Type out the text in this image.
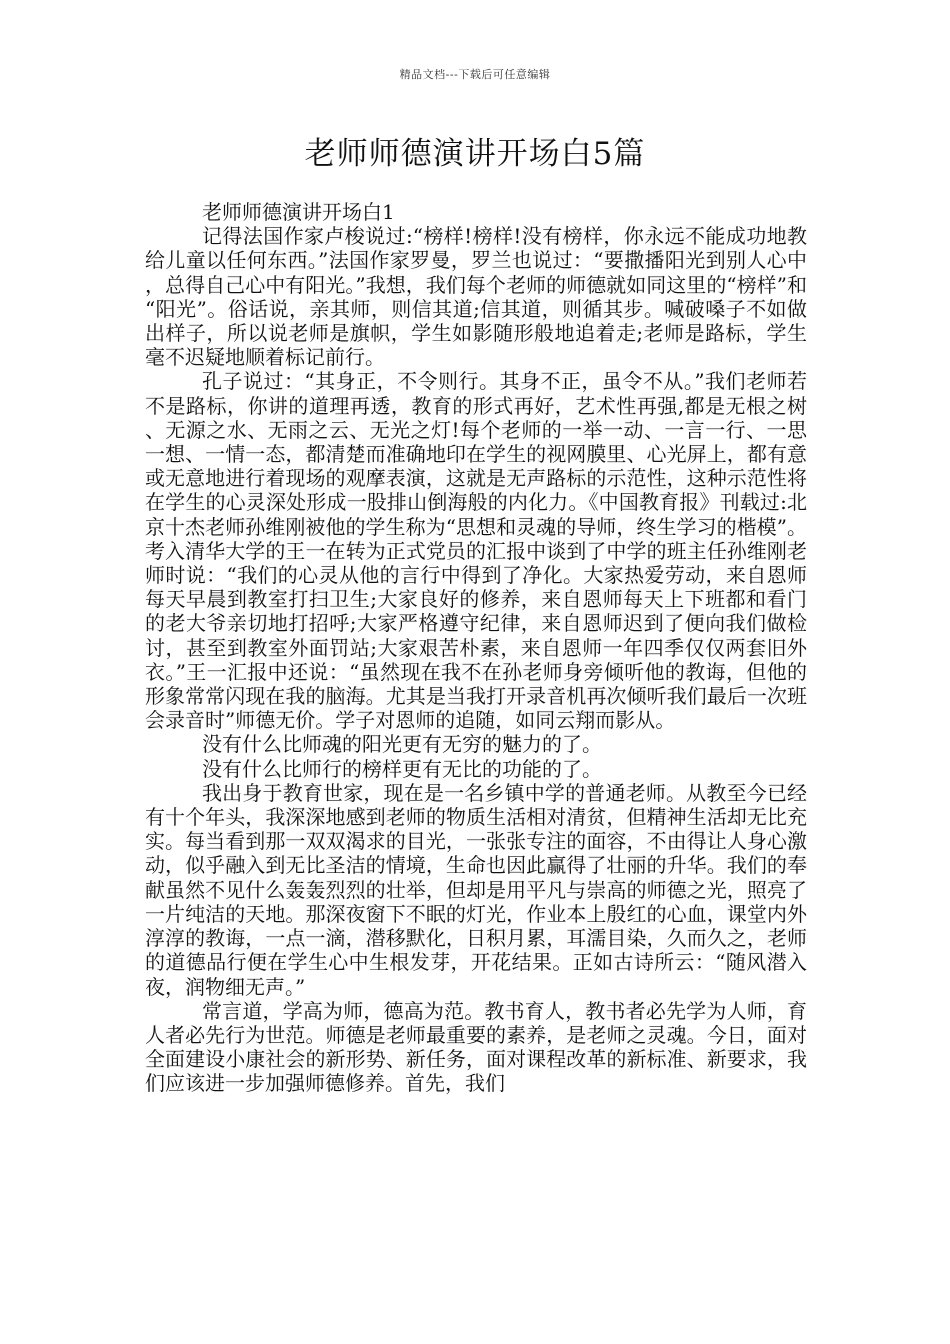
精品文档---下载后可任意编辑
老师师德演讲开场白5篇

老师师德演讲开场白1

记得法国作家卢梭说过:“榜样!榜样!没有榜样，你永远不能成功地教给儿童以任何东西。”法国作家罗曼，罗兰也说过：“要撒播阳光到别人心中，总得自己心中有阳光。”我想，我们每个老师的师德就如同这里的“榜样”和“阳光”。俗话说，亲其师，则信其道;信其道，则循其步。喊破嗓子不如做出样子，所以说老师是旗帜，学生如影随形般地追着走;老师是路标，学生毫不迟疑地顺着标记前行。

孔子说过：“其身正，不令则行。其身不正，虽令不从。”我们老师若不是路标，你讲的道理再透，教育的形式再好，艺术性再强,都是无根之树、无源之水、无雨之云、无光之灯!每个老师的一举一动、一言一行、一思一想、一情一态，都清楚而准确地印在学生的视网膜里、心光屏上，都有意或无意地进行着现场的观摩表演，这就是无声路标的示范性，这种示范性将在学生的心灵深处形成一股排山倒海般的内化力。《中国教育报》刊载过:北京十杰老师孙维刚被他的学生称为“思想和灵魂的导师，终生学习的楷模”。考入清华大学的王一在转为正式党员的汇报中谈到了中学的班主任孙维刚老师时说：“我们的心灵从他的言行中得到了净化。大家热爱劳动，来自恩师每天早晨到教室打扫卫生;大家良好的修养，来自恩师每天上下班都和看门的老大爷亲切地打招呼;大家严格遵守纪律，来自恩师迟到了便向我们做检讨，甚至到教室外面罚站;大家艰苦朴素，来自恩师一年四季仅仅两套旧外衣。”王一汇报中还说：“虽然现在我不在孙老师身旁倾听他的教诲，但他的形象常常闪现在我的脑海。尤其是当我打开录音机再次倾听我们最后一次班会录音时”师德无价。学子对恩师的追随，如同云翔而影从。

没有什么比师魂的阳光更有无穷的魅力的了。

没有什么比师行的榜样更有无比的功能的了。

我出身于教育世家，现在是一名乡镇中学的普通老师。从教至今已经有十个年头，我深深地感到老师的物质生活相对清贫，但精神生活却无比充实。每当看到那一双双渴求的目光，一张张专注的面容，不由得让人身心激动，似乎融入到无比圣洁的情境，生命也因此赢得了壮丽的升华。我们的奉献虽然不见什么轰轰烈烈的壮举，但却是用平凡与崇高的师德之光，照亮了一片纯洁的天地。那深夜窗下不眠的灯光，作业本上殷红的心血，课堂内外淳淳的教诲，一点一滴，潜移默化，日积月累，耳濡目染，久而久之，老师的道德品行便在学生心中生根发芽，开花结果。正如古诗所云：“随风潜入夜，润物细无声。”

常言道，学高为师，德高为范。教书育人，教书者必先学为人师，育人者必先行为世范。师德是老师最重要的素养，是老师之灵魂。今日，面对全面建设小康社会的新形势、新任务，面对课程改革的新标准、新要求，我们应该进一步加强师德修养。首先，我们
